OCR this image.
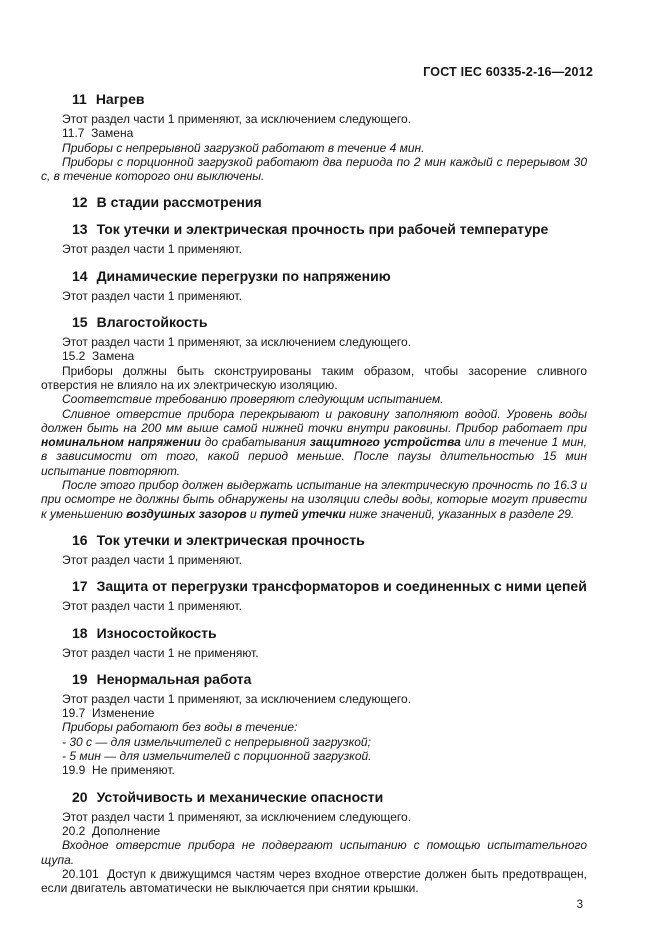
ГОСТ IEC 60335-2-16—2012
11 Нагрев

Этот раздел части 1 применяют, за исключением следующего.

11.7  Замена

Приборы с непрерывной загрузкой работают в течение 4 мин.

Приборы с порционной загрузкой работают два периода по 2 мин каждый с перерывом 30 с, в течение которого они выключены.

12 В стадии рассмотрения
13 Ток утечки и электрическая прочность при рабочей температуре

Этот раздел части 1 применяют.

14 Динамические перегрузки по напряжению

Этот раздел части 1 применяют.

15 Влагостойкость

Этот раздел части 1 применяют, за исключением следующего.

15.2  Замена

Приборы должны быть сконструированы таким образом, чтобы засорение сливного отверстия не влияло на их электрическую изоляцию.

Соответствие требованию проверяют следующим испытанием.

Сливное отверстие прибора перекрывают и раковину заполняют водой. Уровень воды должен быть на 200 мм выше самой нижней точки внутри раковины. Прибор работает при номинальном напряжении до срабатывания защитного устройства или в течение 1 мин, в зависимости от того, какой период меньше. После паузы длительностью 15 мин испытание повторяют.

После этого прибор должен выдержать испытание на электрическую прочность по 16.3 и при осмотре не должны быть обнаружены на изоляции следы воды, которые могут привести к уменьшению воздушных зазоров и путей утечки ниже значений, указанных в разделе 29.

16 Ток утечки и электрическая прочность

Этот раздел части 1 применяют.

17 Защита от перегрузки трансформаторов и соединенных с ними цепей

Этот раздел части 1 применяют.

18 Износостойкость

Этот раздел части 1 не применяют.

19 Ненормальная работа

Этот раздел части 1 применяют, за исключением следующего.

19.7  Изменение

Приборы работают без воды в течение:

- 30 с — для измельчителей с непрерывной загрузкой;

- 5 мин — для измельчителей с порционной загрузкой.

19.9  Не применяют.

20 Устойчивость и механические опасности

Этот раздел части 1 применяют, за исключением следующего.

20.2  Дополнение

Входное отверстие прибора не подвергают испытанию с помощью испытательного щупа.

20.101  Доступ к движущимся частям через входное отверстие должен быть предотвращен, если двигатель автоматически не выключается при снятии крышки.

3
